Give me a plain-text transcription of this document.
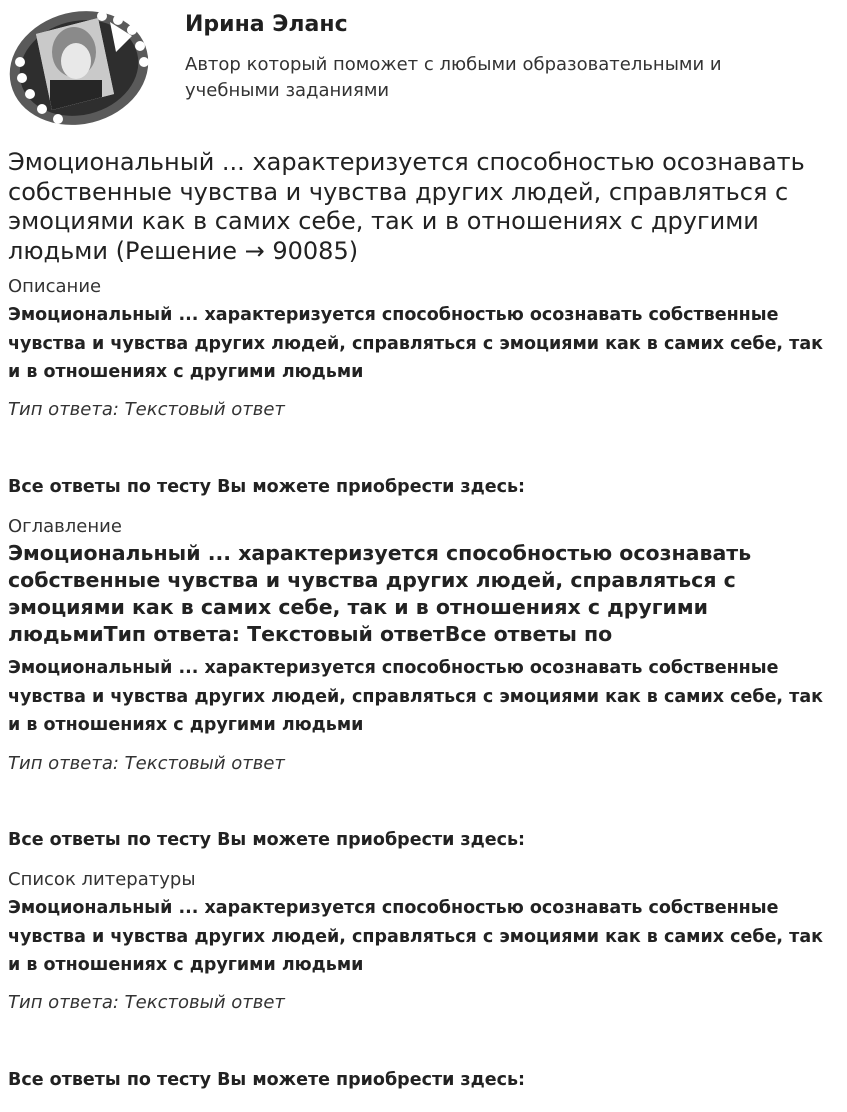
Ирина Эланс
Автор который поможет с любыми образовательными и учебными заданиями
Эмоциональный ... характеризуется способностью осознавать собственные чувства и чувства других людей, справляться с эмоциями как в самих себе, так и в отношениях с другими людьми (Решение → 90085)
Описание

Эмоциональный ... характеризуется способностью осознавать собственные чувства и чувства других людей, справляться с эмоциями как в самих себе, так и в отношениях с другими людьми

Тип ответа: Текстовый ответ
Все ответы по тесту Вы можете приобрести здесь:
Оглавление
Эмоциональный ... характеризуется способностью осознавать собственные чувства и чувства других людей, справляться с эмоциями как в самих себе, так и в отношениях с другими людьмиТип ответа: Текстовый ответВсе ответы по

Эмоциональный ... характеризуется способностью осознавать собственные чувства и чувства других людей, справляться с эмоциями как в самих себе, так и в отношениях с другими людьми

Тип ответа: Текстовый ответ
Все ответы по тесту Вы можете приобрести здесь:
Список литературы

Эмоциональный ... характеризуется способностью осознавать собственные чувства и чувства других людей, справляться с эмоциями как в самих себе, так и в отношениях с другими людьми

Тип ответа: Текстовый ответ
Все ответы по тесту Вы можете приобрести здесь:
